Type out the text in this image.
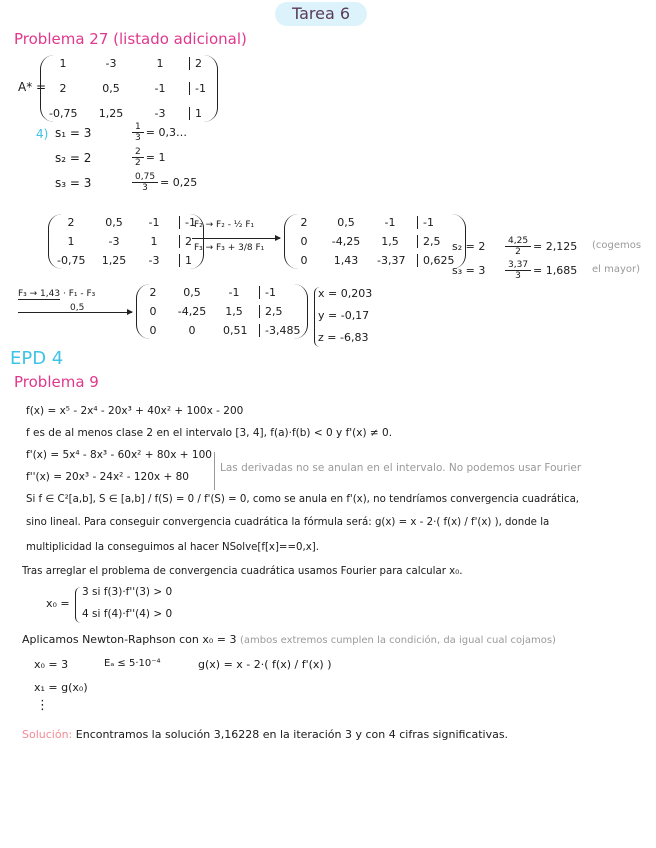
Tarea 6
Problema 27 (listado adicional)
A* =
1	-3	1	2
2	0,5	-1	-1
-0,75	1,25	-3	1
4) s₁ = 3	$\frac{1}{3}$ = 0,3…
s₂ = 2	$\frac{2}{2} = 1$
s₃ = 3	$\frac{0,75}{3} = 0,25$
2	0,5	-1	-1
1	-3	1	2
-0,75 1,25	-3	1
F₂ → F₂ - ½ F₁
F₃ → F₃ + 3/8 F₁
2	0,5	-1	-1
0	-4,25	1,5	2,5
0	1,43	-3,37	0,625
$s_2 = 2 \frac{4,25}{2} = 2,125$ (cogemos
$s_3 = 3 \frac{3,37}{3} = 1,685$ el mayor)
F₃ → 1,43 · F₁ - F₃
0,5
2	0,5	-1	-1
0	-4,25 1,5	2,5
0	0	0,51	-3,485
x = 0,203
y = -0,17
z = -6,83
EPD 4
Problema 9
f(x) = x⁵ - 2x⁴ - 20x³ + 40x² + 100x - 200
f es de al menos clase 2 en el intervalo [3, 4], f(a)·f(b) < 0 y f'(x) ≠ 0.
f'(x) = 5x⁴ - 8x³ - 60x² + 80x + 100
f''(x) = 20x³ - 24x² - 120x + 80
Si f ∈ C²[a,b], S ∈ [a,b] / f(S) = 0 / f'(S) = 0, como se anula en f'(x), no tendríamos convergencia cuadrática,
sino lineal. Para conseguir convergencia cuadrática la fórmula será: g(x) = x - 2·( f(x) / f'(x) ), donde la
multiplicidad la conseguimos al hacer NSolve[f[x]==0,x].
Tras arreglar el problema de convergencia cuadrática usamos Fourier para calcular x₀.
Las derivadas no se anulan en el intervalo. No podemos usar Fourier
x₀ =
3 si f(3)·f''(3) > 0
4 si f(4)·f''(4) > 0
Aplicamos Newton-Raphson con x₀ = 3 (ambos extremos cumplen la condición, da igual cual cojamos)
x₀ = 3	Eₐ ≤ 5·10⁻⁴	g(x) = x - 2·( f(x) / f'(x) )
x₁ = g(x₀)
⋮
Solución: Encontramos la solución 3,16228 en la iteración 3 y con 4 cifras significativas.
